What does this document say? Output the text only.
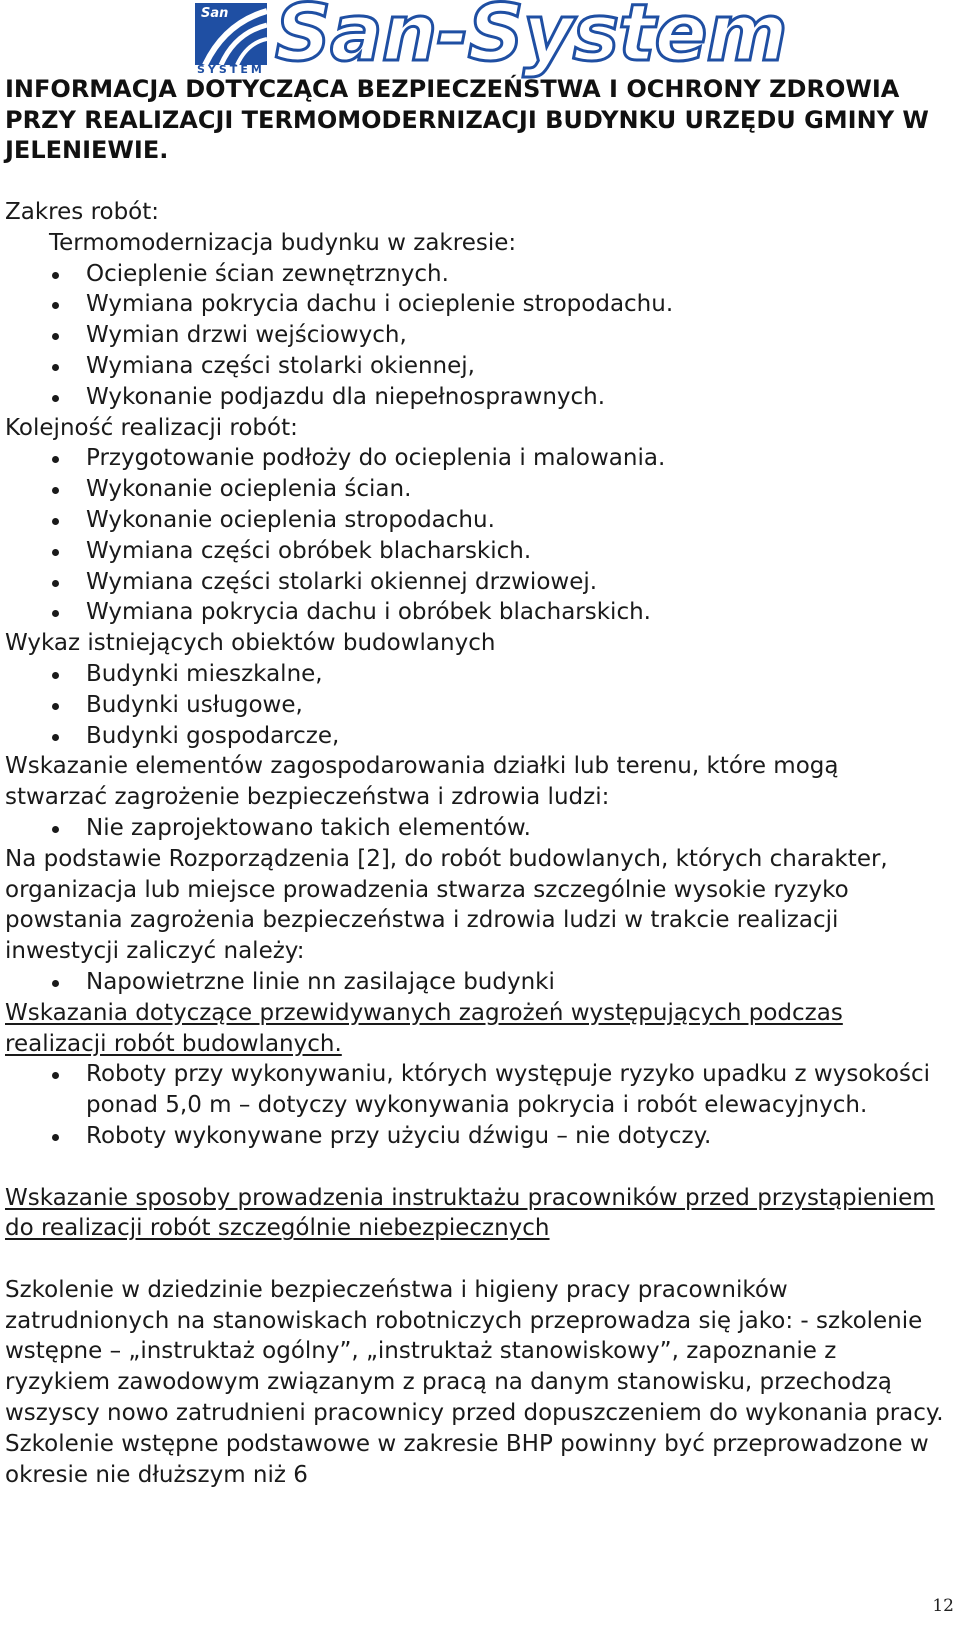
San
SYSTEM San-System
INFORMACJA DOTYCZĄCA BEZPIECZEŃSTWA I OCHRONY ZDROWIA PRZY REALIZACJI TERMOMODERNIZACJI BUDYNKU URZĘDU GMINY W JELENIEWIE.

Zakres robót:

Termomodernizacja budynku w zakresie:

Ocieplenie ścian zewnętrznych.
Wymiana pokrycia dachu i ocieplenie stropodachu.
Wymian drzwi wejściowych,
Wymiana części stolarki okiennej,
Wykonanie podjazdu dla niepełnosprawnych.

Kolejność realizacji robót:

Przygotowanie podłoży do ocieplenia i malowania.
Wykonanie ocieplenia ścian.
Wykonanie ocieplenia stropodachu.
Wymiana części obróbek blacharskich.
Wymiana części stolarki okiennej drzwiowej.
Wymiana pokrycia dachu i obróbek blacharskich.

Wykaz istniejących obiektów budowlanych

Budynki mieszkalne,
Budynki usługowe,
Budynki gospodarcze,

Wskazanie elementów zagospodarowania działki lub terenu, które mogą stwarzać zagrożenie bezpieczeństwa i zdrowia ludzi:

Nie zaprojektowano takich elementów.

Na podstawie Rozporządzenia [2], do robót budowlanych, których charakter, organizacja lub miejsce prowadzenia stwarza szczególnie wysokie ryzyko powstania zagrożenia bezpieczeństwa i zdrowia ludzi w trakcie realizacji inwestycji zaliczyć należy:

Napowietrzne linie nn zasilające budynki

Wskazania dotyczące przewidywanych zagrożeń występujących podczas realizacji robót budowlanych.

Roboty przy wykonywaniu, których występuje ryzyko upadku z wysokości ponad 5,0 m – dotyczy wykonywania pokrycia i robót elewacyjnych.
Roboty wykonywane przy użyciu dźwigu – nie dotyczy.

Wskazanie sposoby prowadzenia instruktażu pracowników przed przystąpieniem do realizacji robót szczególnie niebezpiecznych

Szkolenie w dziedzinie bezpieczeństwa i higieny pracy pracowników zatrudnionych na stanowiskach robotniczych przeprowadza się jako: - szkolenie wstępne – „instruktaż ogólny”, „instruktaż stanowiskowy”, zapoznanie z ryzykiem zawodowym związanym z pracą na danym stanowisku, przechodzą wszyscy nowo zatrudnieni pracownicy przed dopuszczeniem do wykonania pracy. Szkolenie wstępne podstawowe w zakresie BHP powinny być przeprowadzone w okresie nie dłuższym niż 6

12
